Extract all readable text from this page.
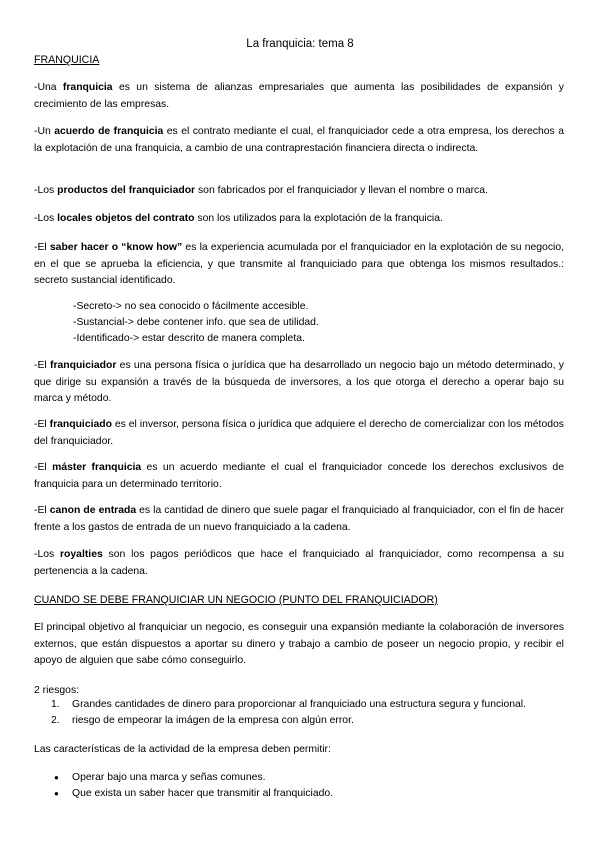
La franquicia: tema 8
FRANQUICIA

-Una franquicia es un sistema de alianzas empresariales que aumenta las posibilidades de expansión y crecimiento de las empresas.

-Un acuerdo de franquicia es el contrato mediante el cual, el franquiciador cede a otra empresa, los derechos a la explotación de una franquicia, a cambio de una contraprestación financiera directa o indirecta.

-Los productos del franquiciador son fabricados por el franquiciador y llevan el nombre o marca.

-Los locales objetos del contrato son los utilizados para la explotación de la franquicia.

-El saber hacer o “know how” es la experiencia acumulada por el franquiciador en la explotación de su negocio, en el que se aprueba la eficiencia, y que transmite al franquiciado para que obtenga los mismos resultados.: secreto sustancial identificado.

-Secreto-> no sea conocido o fácilmente accesible.
-Sustancial-> debe contener info. que sea de utilidad.
-Identificado-> estar descrito de manera completa.

-El franquiciador es una persona física o jurídica que ha desarrollado un negocio bajo un método determinado, y que dirige su expansión a través de la búsqueda de inversores, a los que otorga el derecho a operar bajo su marca y método.

-El franquiciado es el inversor, persona física o jurídica que adquiere el derecho de comercializar con los métodos del franquiciador.

-El máster franquicia es un acuerdo mediante el cual el franquiciador concede los derechos exclusivos de franquicia para un determinado territorio.

-El canon de entrada es la cantidad de dinero que suele pagar el franquiciado al franquiciador, con el fin de hacer frente a los gastos de entrada de un nuevo franquiciado a la cadena.

-Los royalties son los pagos periódicos que hace el franquiciado al franquiciador, como recompensa a su pertenencia a la cadena.

CUANDO SE DEBE FRANQUICIAR UN NEGOCIO (PUNTO DEL FRANQUICIADOR)

El principal objetivo al franquiciar un negocio, es conseguir una expansión mediante la colaboración de inversores externos, que están dispuestos a aportar su dinero y trabajo a cambio de poseer un negocio propio, y recibir el apoyo de alguien que sabe cómo conseguirlo.

2 riesgos:
1. Grandes cantidades de dinero para proporcionar al franquiciado una estructura segura y funcional.
2. riesgo de empeorar la imágen de la empresa con algún error.
Las características de la actividad de la empresa deben permitir:
● Operar bajo una marca y señas comunes.
● Que exista un saber hacer que transmitir al franquiciado.
